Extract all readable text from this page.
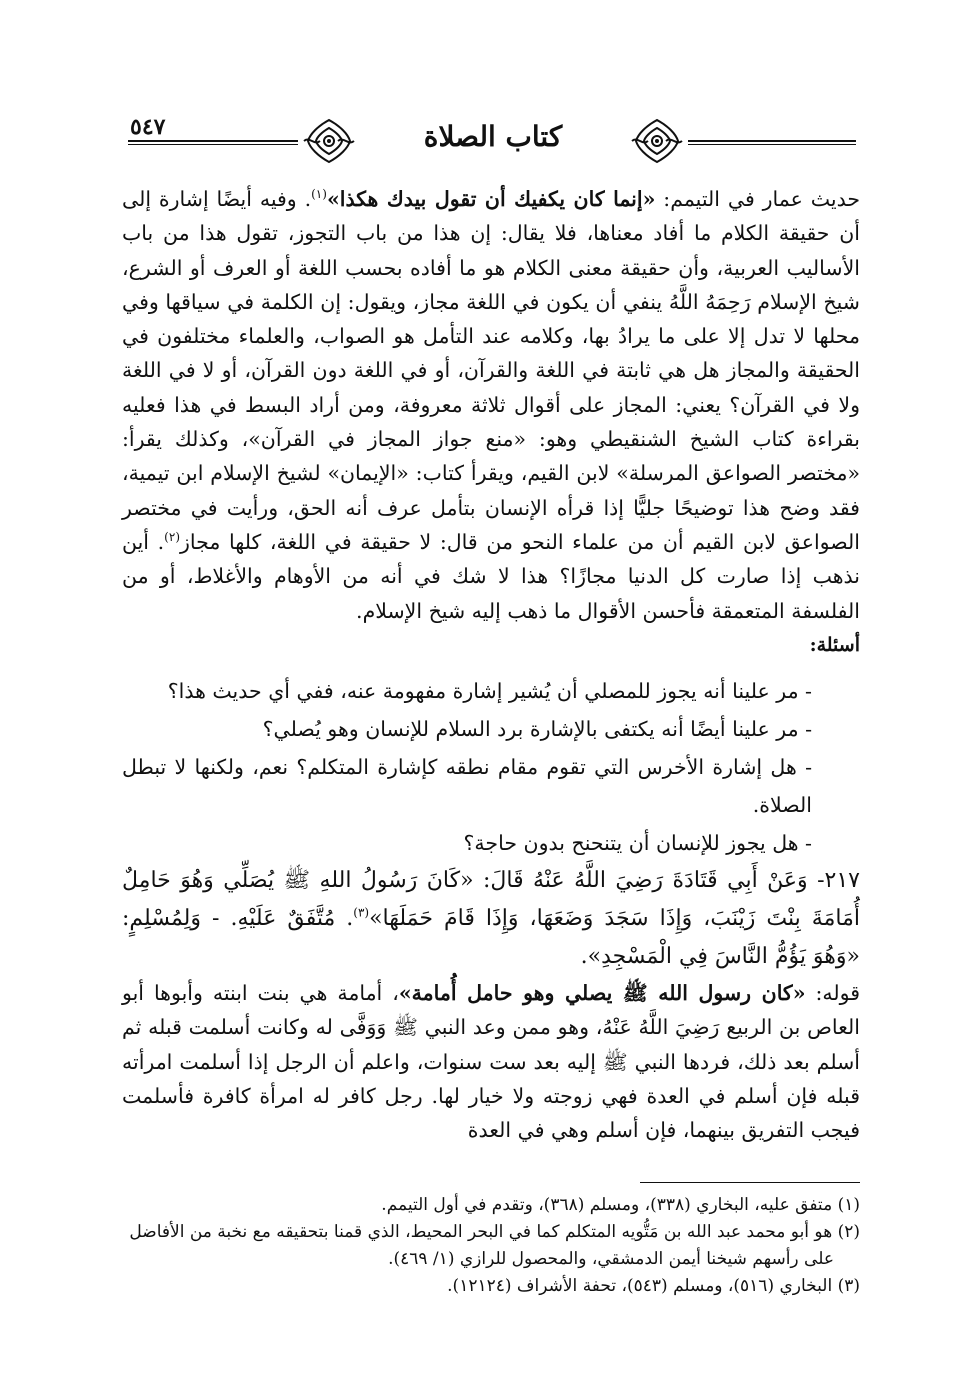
٥٤٧	كتاب الصلاة

حديث عمار في التيمم: «إنما كان يكفيك أن تقول بيدك هكذا»$^{(١)}$. وفيه أيضًا إشارة إلى أن حقيقة الكلام ما أفاد معناها، فلا يقال: إن هذا من باب التجوز، تقول هذا من باب الأساليب العربية، وأن حقيقة معنى الكلام هو ما أفاده بحسب اللغة أو العرف أو الشرع، شيخ الإسلام رَحِمَهُ اللَّهُ ينفي أن يكون في اللغة مجاز، ويقول: إن الكلمة في سياقها وفي محلها لا تدل إلا على ما يرادُ بها، وكلامه عند التأمل هو الصواب، والعلماء مختلفون في الحقيقة والمجاز هل هي ثابتة في اللغة والقرآن، أو في اللغة دون القرآن، أو لا في اللغة ولا في القرآن؟ يعني: المجاز على أقوال ثلاثة معروفة، ومن أراد البسط في هذا فعليه بقراءة كتاب الشيخ الشنقيطي وهو: «منع جواز المجاز في القرآن»، وكذلك يقرأ: «مختصر الصواعق المرسلة» لابن القيم، ويقرأ كتاب: «الإيمان» لشيخ الإسلام ابن تيمية، فقد وضح هذا توضيحًا جليًّا إذا قرأه الإنسان بتأمل عرف أنه الحق، ورأيت في مختصر الصواعق لابن القيم أن من علماء النحو من قال: لا حقيقة في اللغة، كلها مجاز$^{(٢)}$. أين نذهب إذا صارت كل الدنيا مجازًا؟ هذا لا شك في أنه من الأوهام والأغلاط، أو من الفلسفة المتعمقة فأحسن الأقوال ما ذهب إليه شيخ الإسلام.

أسئلة:

- مر علينا أنه يجوز للمصلي أن يُشير إشارة مفهومة عنه، ففي أي حديث هذا؟
- مر علينا أيضًا أنه يكتفى بالإشارة برد السلام للإنسان وهو يُصلي؟
- هل إشارة الأخرس التي تقوم مقام نطقه كإشارة المتكلم؟ نعم، ولكنها لا تبطل الصلاة.
- هل يجوز للإنسان أن يتنحنح بدون حاجة؟

٢١٧- وَعَنْ أَبِي قَتَادَةَ رَضِيَ اللَّهُ عَنْهُ قَالَ: «كَانَ رَسُولُ اللهِ ﷺ يُصَلِّي وَهُوَ حَامِلٌ أُمَامَةَ بِنْتَ زَيْنَبَ، وَإِذَا سَجَدَ وَضَعَهَا، وَإِذَا قَامَ حَمَلَهَا»$^{(٣)}$. مُتَّفَقٌ عَلَيْهِ. - وَلِمُسْلِمٍ: «وَهُوَ يَؤُمُّ النَّاسَ فِي الْمَسْجِدِ».

قوله: «كان رسول الله ﷺ يصلي وهو حامل أُمامة»، أمامة هي بنت ابنته وأبوها أبو العاص بن الربيع رَضِيَ اللَّهُ عَنْهُ، وهو ممن وعد النبي ﷺ وَوَفَّى له وكانت أسلمت قبله ثم أسلم بعد ذلك، فردها النبي ﷺ إليه بعد ست سنوات، واعلم أن الرجل إذا أسلمت امرأته قبله فإن أسلم في العدة فهي زوجته ولا خيار لها. رجل كافر له امرأة كافرة فأسلمت فيجب التفريق بينهما، فإن أسلم وهي في العدة

(١) متفق عليه، البخاري (٣٣٨)، ومسلم (٣٦٨)، وتقدم في أول التيمم.

(٢) هو أبو محمد عبد الله بن مَتُّويه المتكلم كما في البحر المحيط، الذي قمنا بتحقيقه مع نخبة من الأفاضل

على رأسهم شيخنا أيمن الدمشقي، والمحصول للرازي (١/ ٤٦٩).

(٣) البخاري (٥١٦)، ومسلم (٥٤٣)، تحفة الأشراف (١٢١٢٤).
